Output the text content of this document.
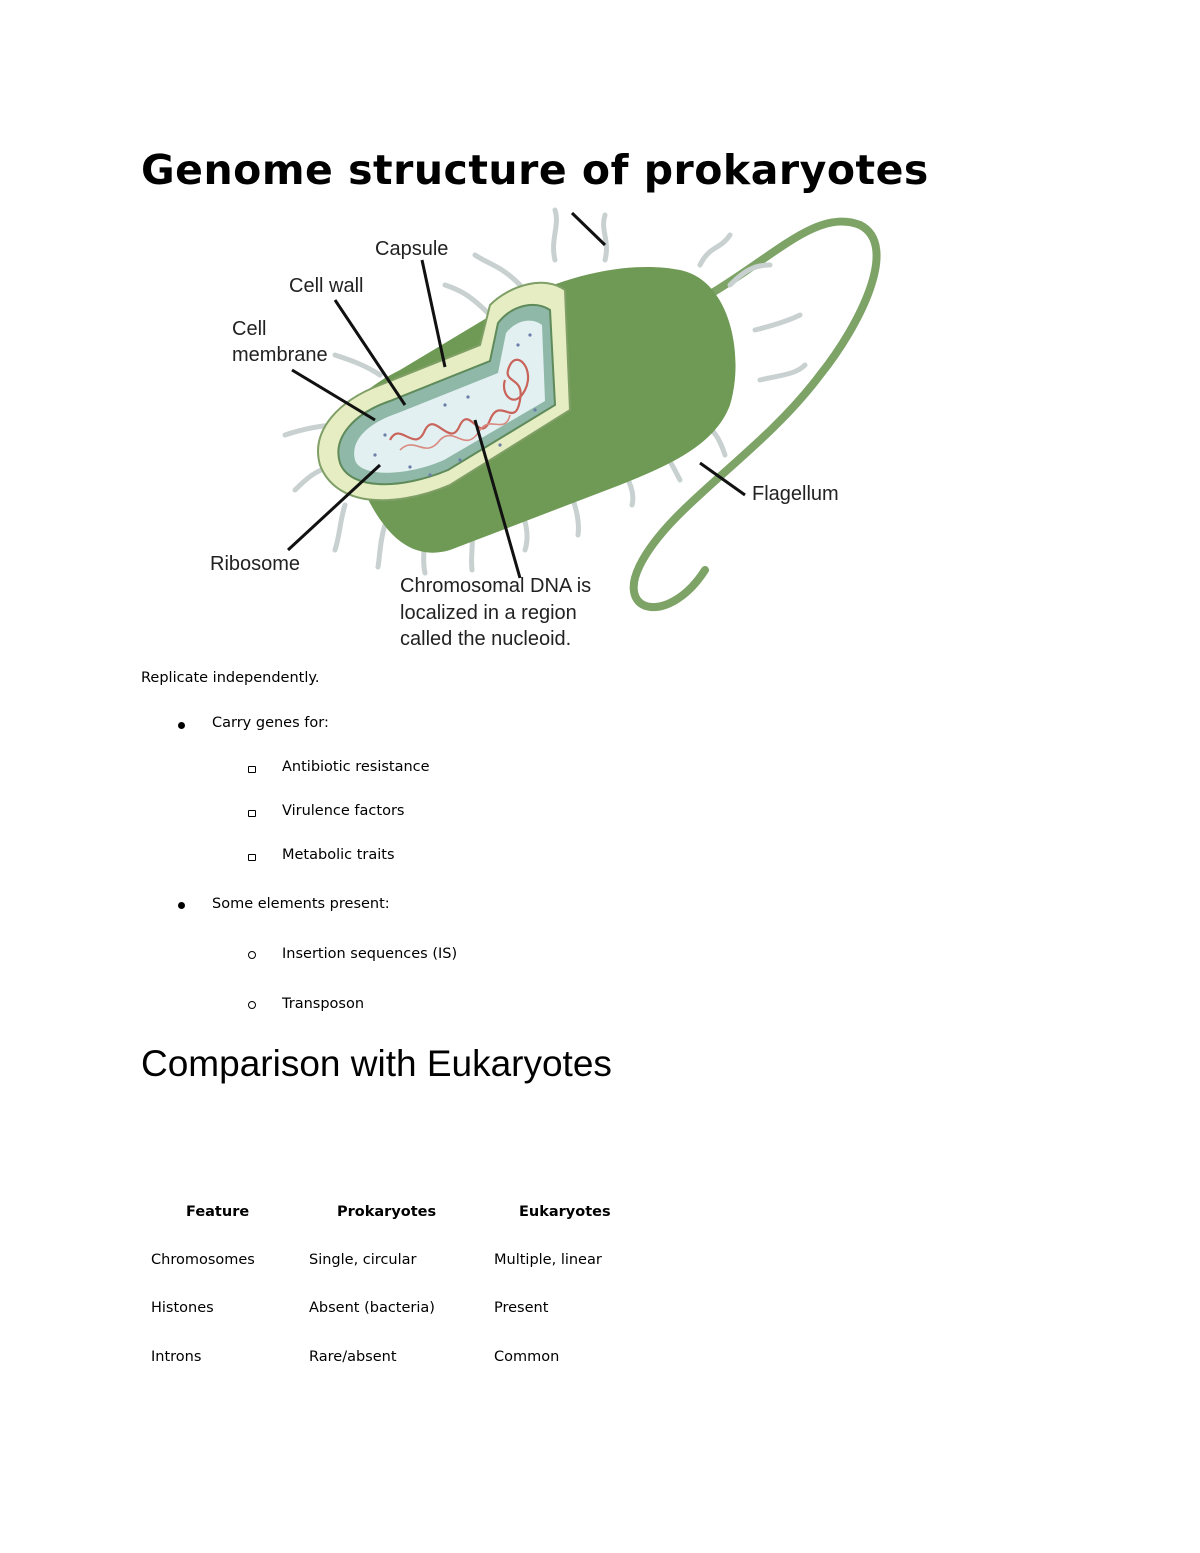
Genome structure of prokaryotes
Capsule
Cell wall
Cell
membrane
Ribosome
Flagellum
Chromosomal DNA is
localized in a region
called the nucleoid.

Replicate independently.

Carry genes for:
Antibiotic resistance
Virulence factors
Metabolic traits
Some elements present:
Insertion sequences (IS)
Transposon
Comparison with Eukaryotes
Feature	Prokaryotes	Eukaryotes
Chromosomes	Single, circular	Multiple, linear
Histones	Absent (bacteria)	Present
Introns	Rare/absent	Common
